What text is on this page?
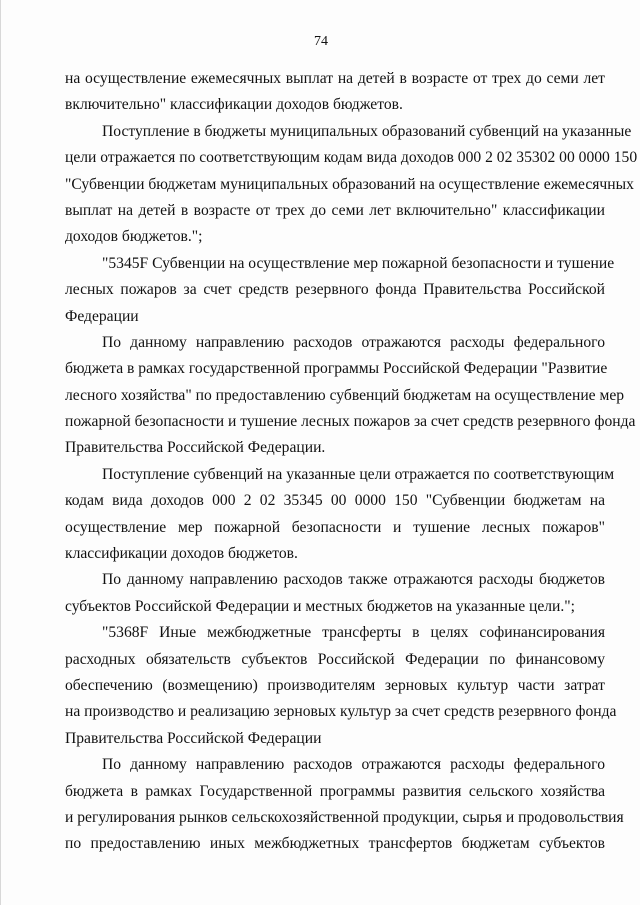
74
на осуществление ежемесячных выплат на детей в возрасте от трех до семи лет
включительно" классификации доходов бюджетов.
Поступление в бюджеты муниципальных образований субвенций на указанные
цели отражается по соответствующим кодам вида доходов 000 2 02 35302 00 0000 150
"Субвенции бюджетам муниципальных образований на осуществление ежемесячных
выплат на детей в возрасте от трех до семи лет включительно" классификации
доходов бюджетов.";
"5345F Субвенции на осуществление мер пожарной безопасности и тушение
лесных пожаров за счет средств резервного фонда Правительства Российской
Федерации
По данному направлению расходов отражаются расходы федерального
бюджета в рамках государственной программы Российской Федерации "Развитие
лесного хозяйства" по предоставлению субвенций бюджетам на осуществление мер
пожарной безопасности и тушение лесных пожаров за счет средств резервного фонда
Правительства Российской Федерации.
Поступление субвенций на указанные цели отражается по соответствующим
кодам вида доходов 000 2 02 35345 00 0000 150 "Субвенции бюджетам на
осуществление мер пожарной безопасности и тушение лесных пожаров"
классификации доходов бюджетов.
По данному направлению расходов также отражаются расходы бюджетов
субъектов Российской Федерации и местных бюджетов на указанные цели.";
"5368F Иные межбюджетные трансферты в целях софинансирования
расходных обязательств субъектов Российской Федерации по финансовому
обеспечению (возмещению) производителям зерновых культур части затрат
на производство и реализацию зерновых культур за счет средств резервного фонда
Правительства Российской Федерации
По данному направлению расходов отражаются расходы федерального
бюджета в рамках Государственной программы развития сельского хозяйства
и регулирования рынков сельскохозяйственной продукции, сырья и продовольствия
по предоставлению иных межбюджетных трансфертов бюджетам субъектов
